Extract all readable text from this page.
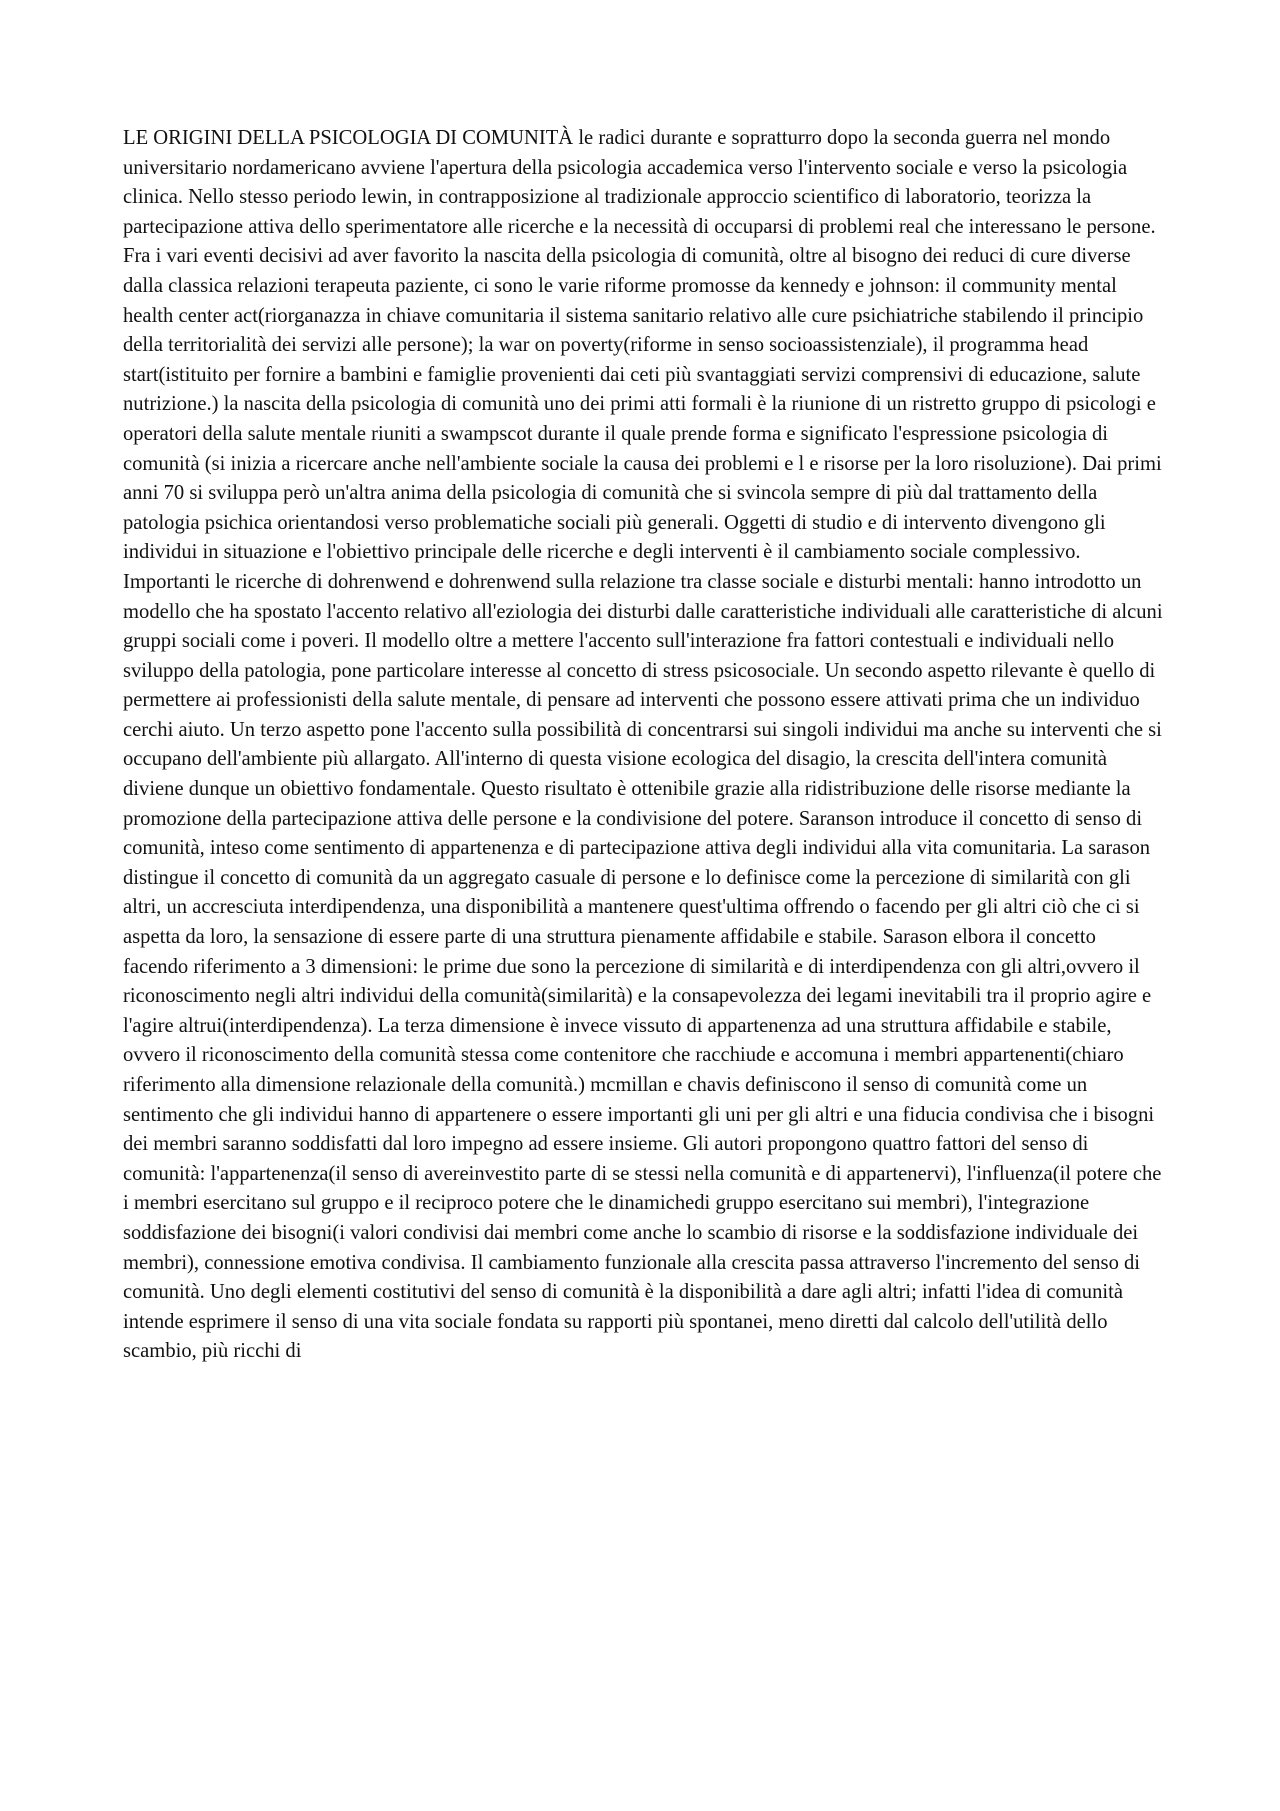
LE ORIGINI DELLA PSICOLOGIA DI COMUNITÀ le radici durante e sopratturro dopo la seconda guerra nel mondo universitario nordamericano avviene l'apertura della psicologia accademica verso l'intervento sociale e verso la psicologia clinica. Nello stesso periodo lewin, in contrapposizione al tradizionale approccio scientifico di laboratorio, teorizza la partecipazione attiva dello sperimentatore alle ricerche e la necessità di occuparsi di problemi real che interessano le persone. Fra i vari eventi decisivi ad aver favorito la nascita della psicologia di comunità, oltre al bisogno dei reduci di cure diverse dalla classica relazioni terapeuta paziente, ci sono le varie riforme promosse da kennedy e johnson: il community mental health center act(riorganazza in chiave comunitaria il sistema sanitario relativo alle cure psichiatriche stabilendo il principio della territorialità dei servizi alle persone); la war on poverty(riforme in senso socioassistenziale), il programma head start(istituito per fornire a bambini e famiglie provenienti dai ceti più svantaggiati servizi comprensivi di educazione, salute nutrizione.) la nascita della psicologia di comunità uno dei primi atti formali è la riunione di un ristretto gruppo di psicologi e operatori della salute mentale riuniti a swampscot durante il quale prende forma e significato l'espressione psicologia di comunità (si inizia a ricercare anche nell'ambiente sociale la causa dei problemi e l e risorse per la loro risoluzione). Dai primi anni 70 si sviluppa però un'altra anima della psicologia di comunità che si svincola sempre di più dal trattamento della patologia psichica orientandosi verso problematiche sociali più generali. Oggetti di studio e di intervento divengono gli individui in situazione e l'obiettivo principale delle ricerche e degli interventi è il cambiamento sociale complessivo. Importanti le ricerche di dohrenwend e dohrenwend sulla relazione tra classe sociale e disturbi mentali: hanno introdotto un modello che ha spostato l'accento relativo all'eziologia dei disturbi dalle caratteristiche individuali alle caratteristiche di alcuni gruppi sociali come i poveri. Il modello oltre a mettere l'accento sull'interazione fra fattori contestuali e individuali nello sviluppo della patologia, pone particolare interesse al concetto di stress psicosociale. Un secondo aspetto rilevante è quello di permettere ai professionisti della salute mentale, di pensare ad interventi che possono essere attivati prima che un individuo cerchi aiuto. Un terzo aspetto pone l'accento sulla possibilità di concentrarsi sui singoli individui ma anche su interventi che si occupano dell'ambiente più allargato. All'interno di questa visione ecologica del disagio, la crescita dell'intera comunità diviene dunque un obiettivo fondamentale. Questo risultato è ottenibile grazie alla ridistribuzione delle risorse mediante la promozione della partecipazione attiva delle persone e la condivisione del potere. Saranson introduce il concetto di senso di comunità, inteso come sentimento di appartenenza e di partecipazione attiva degli individui alla vita comunitaria. La sarason distingue il concetto di comunità da un aggregato casuale di persone e lo definisce come la percezione di similarità con gli altri, un accresciuta interdipendenza, una disponibilità a mantenere quest'ultima offrendo o facendo per gli altri ciò che ci si aspetta da loro, la sensazione di essere parte di una struttura pienamente affidabile e stabile. Sarason elbora il concetto facendo riferimento a 3 dimensioni: le prime due sono la percezione di similarità e di interdipendenza con gli altri,ovvero il riconoscimento negli altri individui della comunità(similarità) e la consapevolezza dei legami inevitabili tra il proprio agire e l'agire altrui(interdipendenza). La terza dimensione è invece vissuto di appartenenza ad una struttura affidabile e stabile, ovvero il riconoscimento della comunità stessa come contenitore che racchiude e accomuna i membri appartenenti(chiaro riferimento alla dimensione relazionale della comunità.) mcmillan e chavis definiscono il senso di comunità come un sentimento che gli individui hanno di appartenere o essere importanti gli uni per gli altri e una fiducia condivisa che i bisogni dei membri saranno soddisfatti dal loro impegno ad essere insieme. Gli autori propongono quattro fattori del senso di comunità: l'appartenenza(il senso di avereinvestito parte di se stessi nella comunità e di appartenervi), l'influenza(il potere che i membri esercitano sul gruppo e il reciproco potere che le dinamichedi gruppo esercitano sui membri), l'integrazione soddisfazione dei bisogni(i valori condivisi dai membri come anche lo scambio di risorse e la soddisfazione individuale dei membri), connessione emotiva condivisa. Il cambiamento funzionale alla crescita passa attraverso l'incremento del senso di comunità. Uno degli elementi costitutivi del senso di comunità è la disponibilità a dare agli altri; infatti l'idea di comunità intende esprimere il senso di una vita sociale fondata su rapporti più spontanei, meno diretti dal calcolo dell'utilità dello scambio, più ricchi di
